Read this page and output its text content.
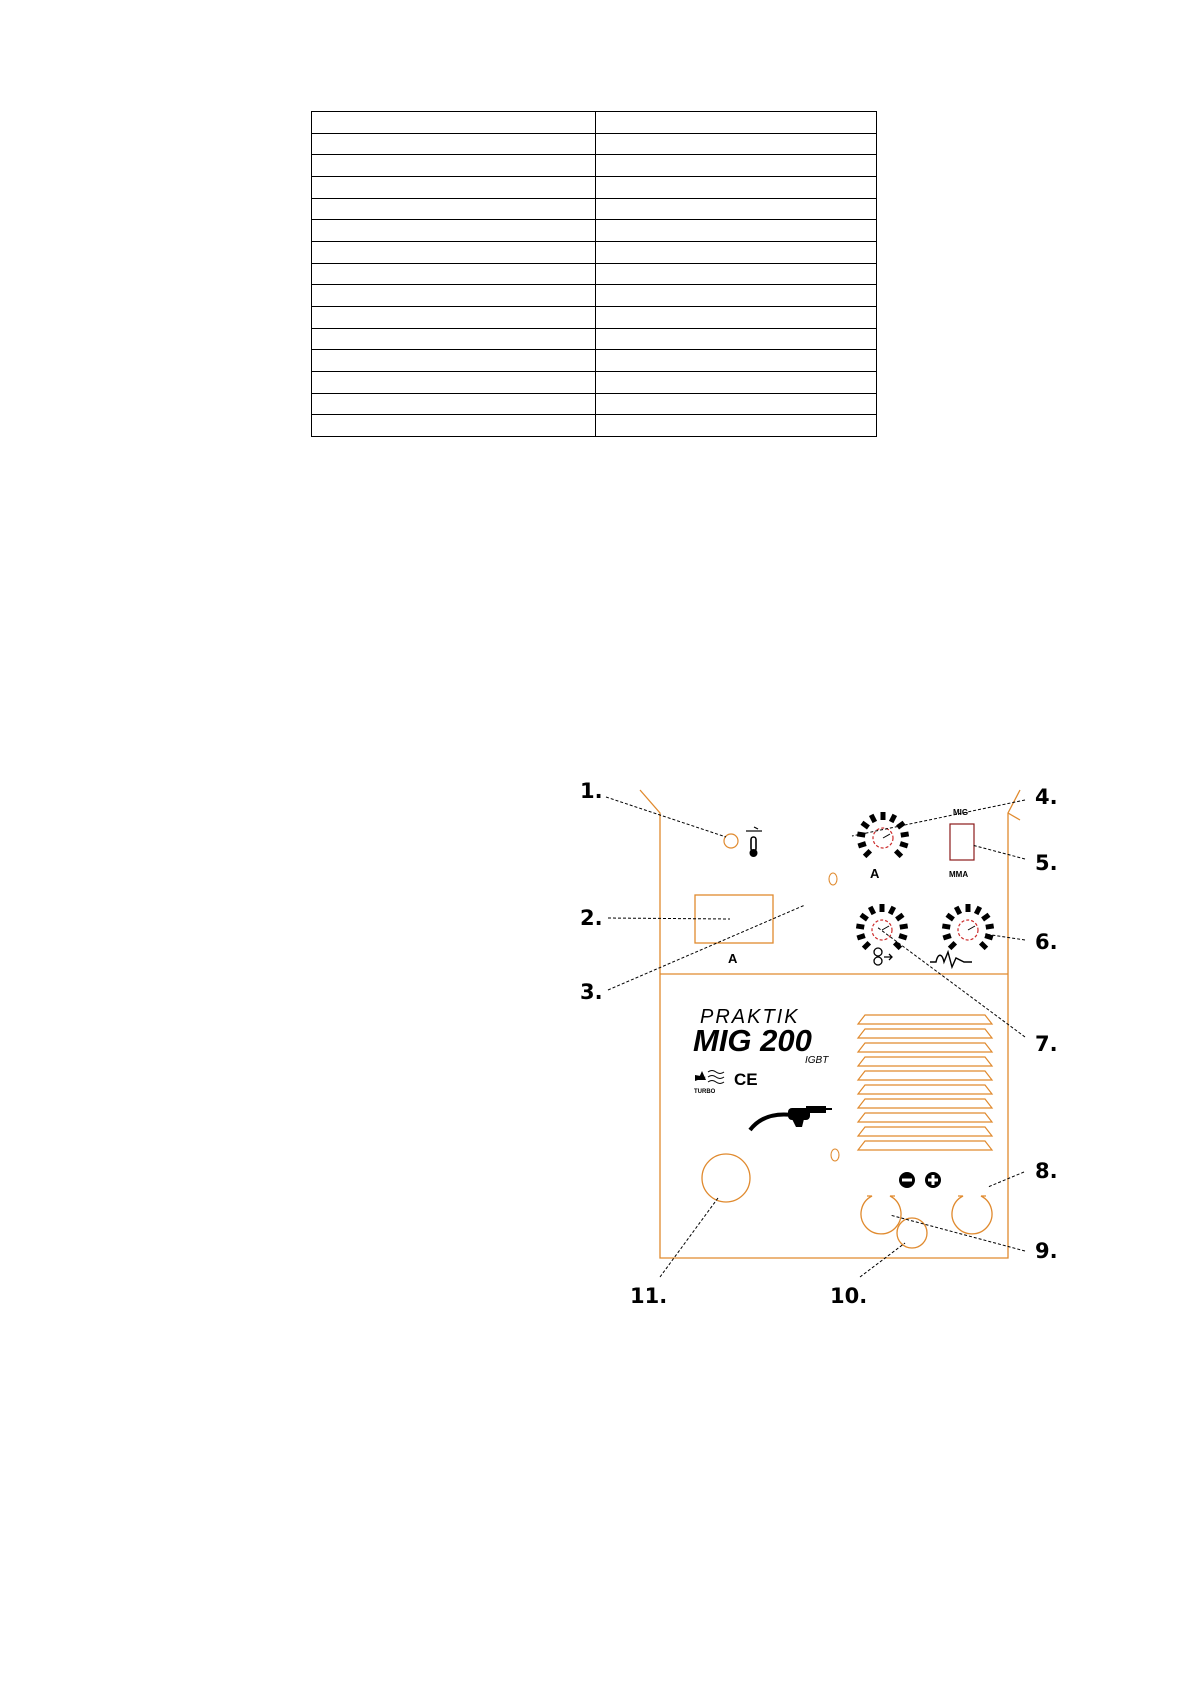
A
A
MIG
MMA
PRAKTIK
MIG 200
IGBT
TURBO
CE
1.
2.
3.
4.
5.
6.
7.
8.
9.
10.
11.
